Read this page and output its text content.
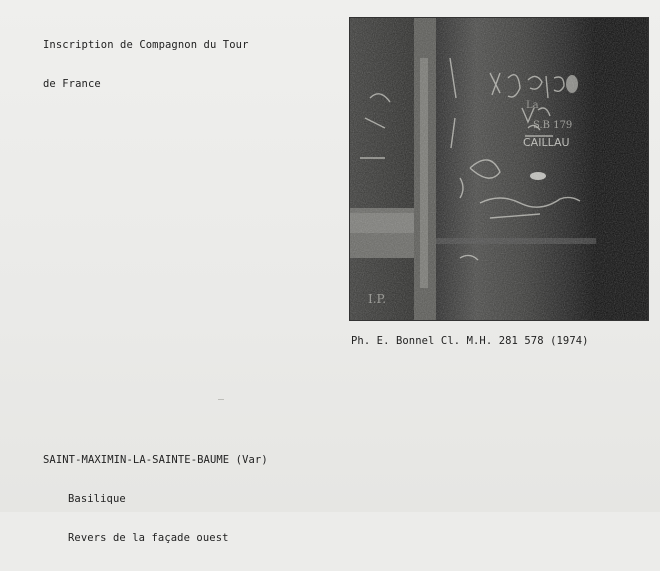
Inscription de Compagnon du Tour

de France

Ph. E. Bonnel Cl. M.H. 281 578 (1974)

SAINT-MAXIMIN-LA-SAINTE-BAUME (Var)

Basilique

Revers de la façade ouest
